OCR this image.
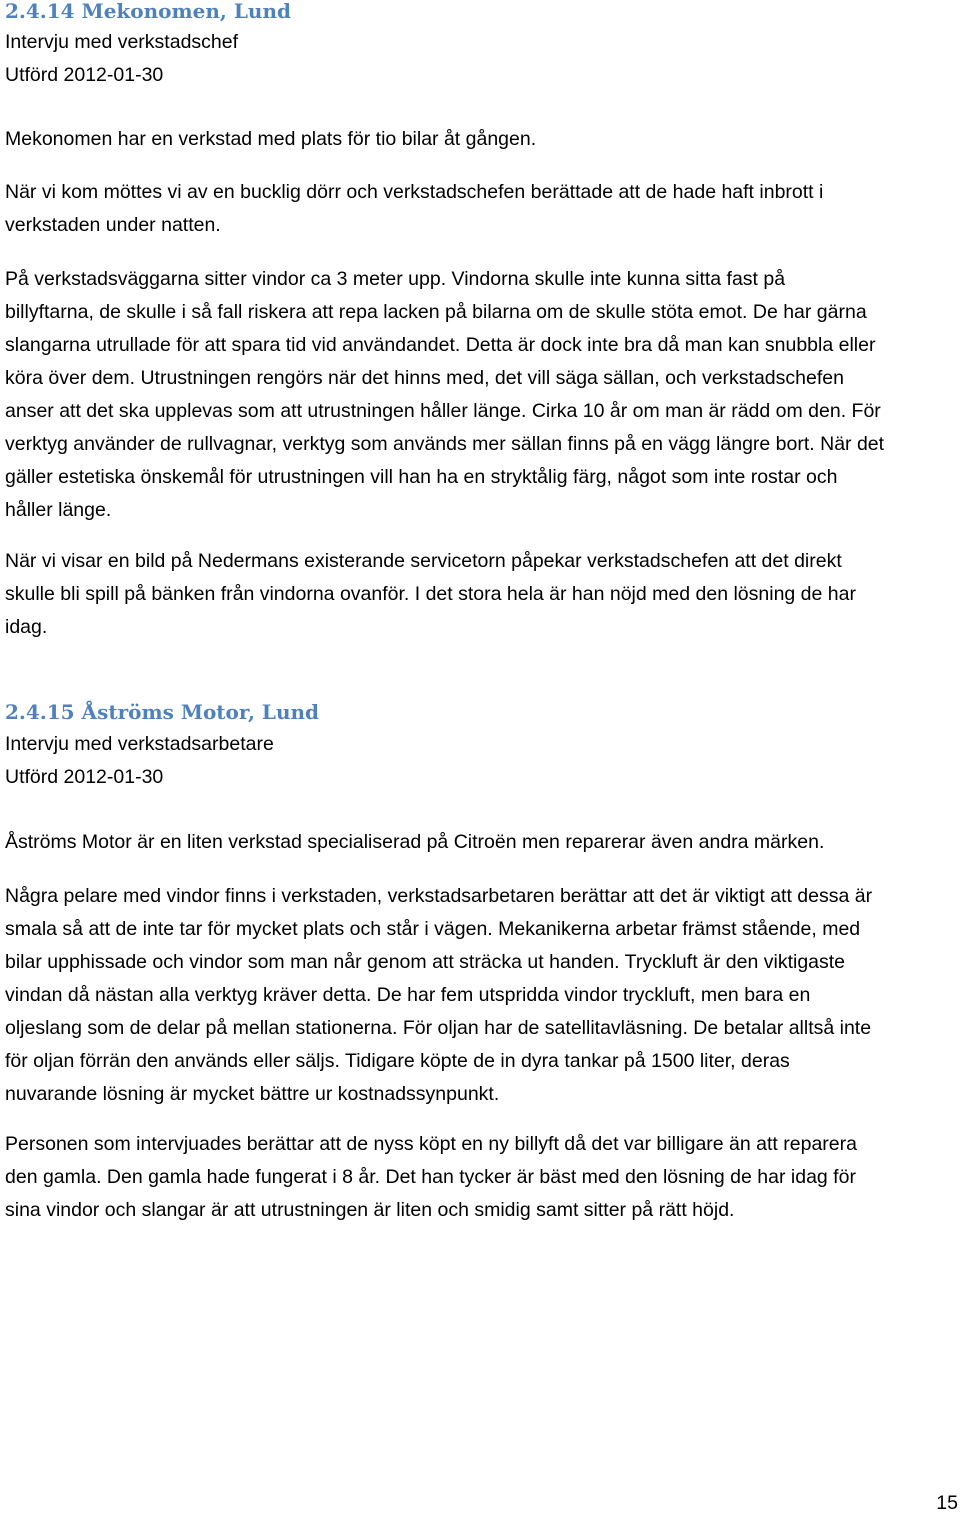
2.4.14 Mekonomen, Lund

Intervju med verkstadschef

Utförd 2012-01-30

Mekonomen har en verkstad med plats för tio bilar åt gången.

När vi kom möttes vi av en bucklig dörr och verkstadschefen berättade att de hade haft inbrott i
verkstaden under natten.

På verkstadsväggarna sitter vindor ca 3 meter upp. Vindorna skulle inte kunna sitta fast på
billyftarna, de skulle i så fall riskera att repa lacken på bilarna om de skulle stöta emot. De har gärna
slangarna utrullade för att spara tid vid användandet. Detta är dock inte bra då man kan snubbla eller
köra över dem. Utrustningen rengörs när det hinns med, det vill säga sällan, och verkstadschefen
anser att det ska upplevas som att utrustningen håller länge. Cirka 10 år om man är rädd om den. För
verktyg använder de rullvagnar, verktyg som används mer sällan finns på en vägg längre bort. När det
gäller estetiska önskemål för utrustningen vill han ha en stryktålig färg, något som inte rostar och
håller länge.

När vi visar en bild på Nedermans existerande servicetorn påpekar verkstadschefen att det direkt
skulle bli spill på bänken från vindorna ovanför. I det stora hela är han nöjd med den lösning de har
idag.

2.4.15 Åströms Motor, Lund

Intervju med verkstadsarbetare

Utförd 2012-01-30

Åströms Motor är en liten verkstad specialiserad på Citroën men reparerar även andra märken.

Några pelare med vindor finns i verkstaden, verkstadsarbetaren berättar att det är viktigt att dessa är
smala så att de inte tar för mycket plats och står i vägen. Mekanikerna arbetar främst stående, med
bilar upphissade och vindor som man når genom att sträcka ut handen. Tryckluft är den viktigaste
vindan då nästan alla verktyg kräver detta. De har fem utspridda vindor tryckluft, men bara en
oljeslang som de delar på mellan stationerna. För oljan har de satellitavläsning. De betalar alltså inte
för oljan förrän den används eller säljs. Tidigare köpte de in dyra tankar på 1500 liter, deras
nuvarande lösning är mycket bättre ur kostnadssynpunkt.

Personen som intervjuades berättar att de nyss köpt en ny billyft då det var billigare än att reparera
den gamla. Den gamla hade fungerat i 8 år. Det han tycker är bäst med den lösning de har idag för
sina vindor och slangar är att utrustningen är liten och smidig samt sitter på rätt höjd.

15
